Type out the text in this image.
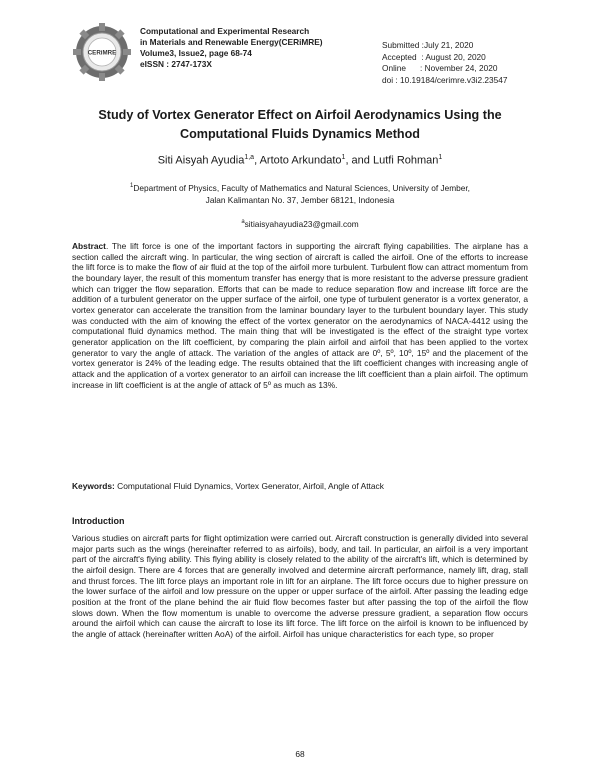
CERiMRE
Computational and Experimental Research
in Materials and Renewable Energy(CERiMRE)
Volume3, Issue2, page 68-74
eISSN : 2747-173X
Submitted :July 21, 2020
Accepted  : August 20, 2020
Online : November 24, 2020
doi : 10.19184/cerimre.v3i2.23547
Study of Vortex Generator Effect on Airfoil Aerodynamics Using the Computational Fluids Dynamics Method
Siti Aisyah Ayudia$^{1,a}$, Artoto Arkundato$^1$, and Lutfi Rohman$^1$
$^1$Department of Physics, Faculty of Mathematics and Natural Sciences, University of Jember,
Jalan Kalimantan No. 37, Jember 68121, Indonesia
$^a$sitiaisyahayudia23@gmail.com
Abstract. The lift force is one of the important factors in supporting the aircraft flying capabilities. The airplane has a section called the aircraft wing. In particular, the wing section of aircraft is called the airfoil. One of the efforts to increase the lift force is to make the flow of air fluid at the top of the airfoil more turbulent. Turbulent flow can attract momentum from the boundary layer, the result of this momentum transfer has energy that is more resistant to the adverse pressure gradient which can trigger the flow separation. Efforts that can be made to reduce separation flow and increase lift force are the addition of a turbulent generator on the upper surface of the airfoil, one type of turbulent generator is a vortex generator, a vortex generator can accelerate the transition from the laminar boundary layer to the turbulent boundary layer. This study was conducted with the aim of knowing the effect of the vortex generator on the aerodynamics of NACA-4412 using the computational fluid dynamics method. The main thing that will be investigated is the effect of the straight type vortex generator application on the lift coefficient, by comparing the plain airfoil and airfoil that has been applied to the vortex generator to vary the angle of attack. The variation of the angles of attack are 0º, 5º, 10º, 15º and the placement of the vortex generator is 24% of the leading edge. The results obtained that the lift coefficient changes with increasing angle of attack and the application of a vortex generator to an airfoil can increase the lift coefficient than a plain airfoil. The optimum increase in lift coefficient is at the angle of attack of 5º as much as 13%.
Keywords: Computational Fluid Dynamics, Vortex Generator, Airfoil, Angle of Attack
Introduction
Various studies on aircraft parts for flight optimization were carried out. Aircraft construction is generally divided into several major parts such as the wings (hereinafter referred to as airfoils), body, and tail. In particular, an airfoil is a very important part of the aircraft's flying ability. This flying ability is closely related to the ability of the aircraft's lift, which is determined by the airfoil design. There are 4 forces that are generally involved and determine aircraft performance, namely lift, drag, stall and thrust forces. The lift force plays an important role in lift for an airplane. The lift force occurs due to higher pressure on the lower surface of the airfoil and low pressure on the upper or upper surface of the airfoil. After passing the leading edge position at the front of the plane behind the air fluid flow becomes faster but after passing the top of the airfoil the flow slows down. When the flow momentum is unable to overcome the adverse pressure gradient, a separation flow occurs around the airfoil which can cause the aircraft to lose its lift force. The lift force on the airfoil is known to be influenced by the angle of attack (hereinafter written AoA) of the airfoil. Airfoil has unique characteristics for each type, so proper
68
